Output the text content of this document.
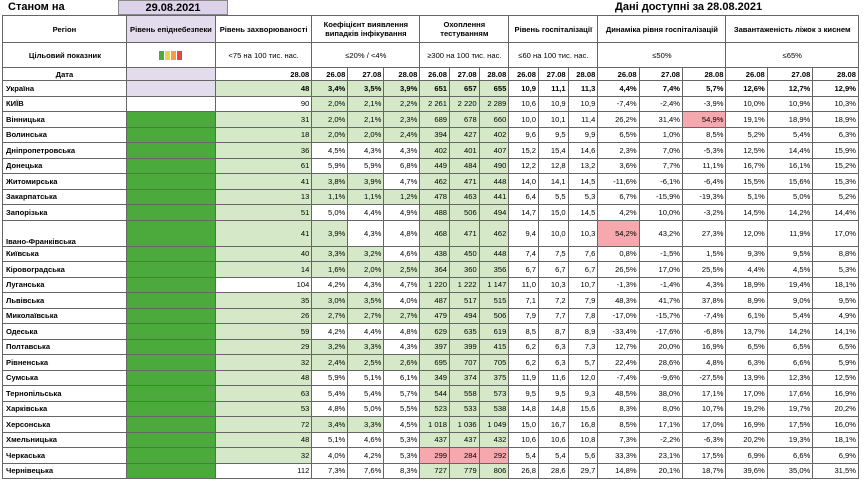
Станом на	29.08.2021	Дані доступні за 28.08.2021
Регіон	Рівень епіднебезпеки	Рівень захворюваності	Коефіцієнт виявлення випадків інфікування			Охоплення тестуванням			Рівень госпіталізації			Динаміка рівня госпіталізацій			Завантаженість ліжок з киснем		
Цільовий показник		<75 на 100 тис. нас.	≤20% / <4%			≥300 на 100 тис. нас.			≤60 на 100 тис. нас.			≤50%			≤65%		
Дата		28.08	26.08	27.08	28.08	26.08	27.08	28.08	26.08	27.08	28.08	26.08	27.08	28.08	26.08	27.08	28.08
Україна		48	3,4%	3,5%	3,9%	651	657	655	10,9	11,1	11,3	4,4%	7,4%	5,7%	12,6%	12,7%	12,9%
КИЇВ		90	2,0%	2,1%	2,2%	2 261	2 220	2 289	10,6	10,9	10,9	-7,4%	-2,4%	-3,9%	10,0%	10,9%	10,3%
Вінницька		31	2,0%	2,1%	2,3%	689	678	660	10,0	10,1	11,4	26,2%	31,4%	54,9%	19,1%	18,9%	18,9%
Волинська		18	2,0%	2,0%	2,4%	394	427	402	9,6	9,5	9,9	6,5%	1,0%	8,5%	5,2%	5,4%	6,3%
Дніпропетровська		36	4,5%	4,3%	4,3%	402	401	407	15,2	15,4	14,6	2,3%	7,0%	-5,3%	12,5%	14,4%	15,9%
Донецька		61	5,9%	5,9%	6,8%	449	484	490	12,2	12,8	13,2	3,6%	7,7%	11,1%	16,7%	16,1%	15,2%
Житомирська		41	3,8%	3,9%	4,7%	462	471	448	14,0	14,1	14,5	-11,6%	-6,1%	-6,4%	15,5%	15,6%	15,3%
Закарпатська		13	1,1%	1,1%	1,2%	478	463	441	6,4	5,5	5,3	6,7%	-15,9%	-19,3%	5,1%	5,0%	5,2%
Запорізька		51	5,0%	4,4%	4,9%	488	506	494	14,7	15,0	14,5	4,2%	10,0%	-3,2%	14,5%	14,2%	14,4%
Івано-Франківська		41	3,9%	4,3%	4,8%	468	471	462	9,4	10,0	10,3	54,2%	43,2%	27,3%	12,0%	11,9%	17,0%
Київська		40	3,3%	3,2%	4,6%	438	450	448	7,4	7,5	7,6	0,8%	-1,5%	1,5%	9,3%	9,5%	8,8%
Кіровоградська		14	1,6%	2,0%	2,5%	364	360	356	6,7	6,7	6,7	26,5%	17,0%	25,5%	4,4%	4,5%	5,3%
Луганська		104	4,2%	4,3%	4,7%	1 220	1 222	1 147	11,0	10,3	10,7	-1,3%	-1,4%	4,3%	18,9%	19,4%	18,1%
Львівська		35	3,0%	3,5%	4,0%	487	517	515	7,1	7,2	7,9	48,3%	41,7%	37,8%	8,9%	9,0%	9,5%
Миколаївська		26	2,7%	2,7%	2,7%	479	494	506	7,9	7,7	7,8	-17,0%	-15,7%	-7,4%	6,1%	5,4%	4,9%
Одеська		59	4,2%	4,4%	4,8%	629	635	619	8,5	8,7	8,9	-33,4%	-17,6%	-6,8%	13,7%	14,2%	14,1%
Полтавська		29	3,2%	3,3%	4,3%	397	399	415	6,2	6,3	7,3	12,7%	20,0%	16,9%	6,5%	6,5%	6,5%
Рівненська		32	2,4%	2,5%	2,6%	695	707	705	6,2	6,3	5,7	22,4%	28,6%	4,8%	6,3%	6,6%	5,9%
Сумська		48	5,9%	5,1%	6,1%	349	374	375	11,9	11,6	12,0	-7,4%	-9,6%	-27,5%	13,9%	12,3%	12,5%
Тернопільська		63	5,4%	5,4%	5,7%	544	558	573	9,5	9,5	9,3	48,5%	38,0%	17,1%	17,0%	17,6%	16,9%
Харківська		53	4,8%	5,0%	5,5%	523	533	538	14,8	14,8	15,6	8,3%	8,0%	10,7%	19,2%	19,7%	20,2%
Херсонська		72	3,4%	3,3%	4,5%	1 018	1 036	1 049	15,0	16,7	16,8	8,5%	17,1%	17,0%	16,9%	17,5%	16,0%
Хмельницька		48	5,1%	4,6%	5,3%	437	437	432	10,6	10,6	10,8	7,3%	-2,2%	-6,3%	20,2%	19,3%	18,1%
Черкаська		32	4,0%	4,2%	5,3%	299	284	292	5,4	5,4	5,6	33,3%	23,1%	17,5%	6,9%	6,6%	6,9%
Чернівецька		112	7,3%	7,6%	8,3%	727	779	806	26,8	28,6	29,7	14,8%	20,1%	18,7%	39,6%	35,0%	31,5%
